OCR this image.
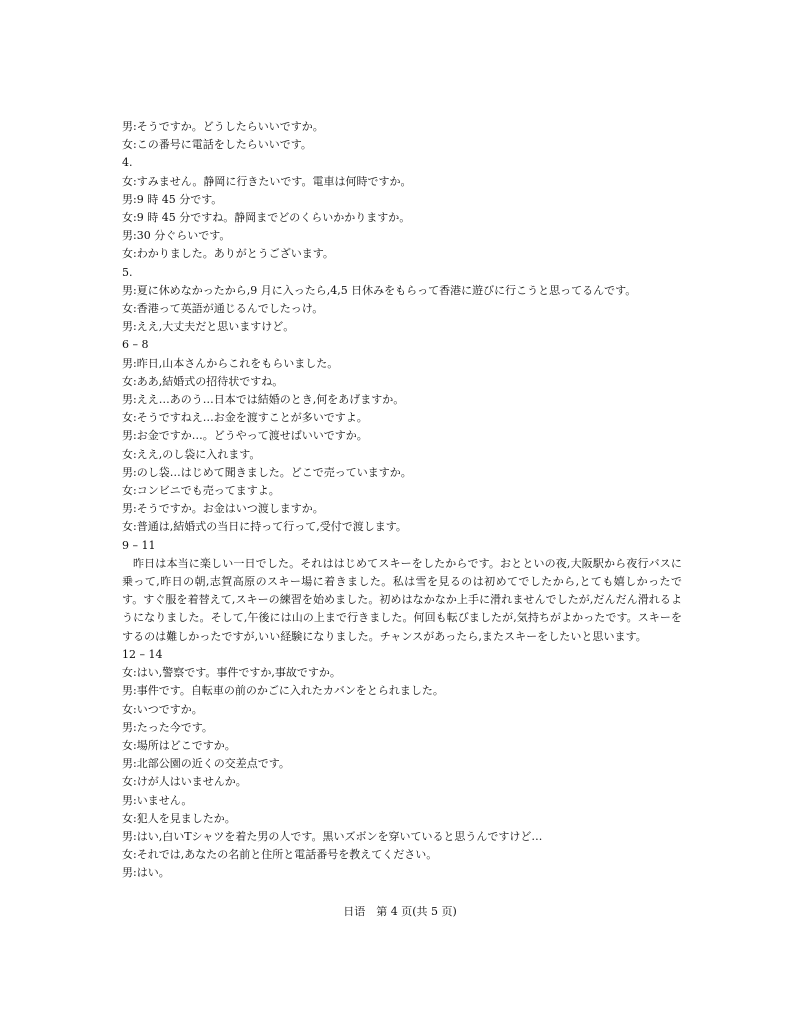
男:そうですか。どうしたらいいですか。
女:この番号に電話をしたらいいです。
4.
女:すみません。静岡に行きたいです。電車は何時ですか。
男:9 時 45 分です。
女:9 時 45 分ですね。静岡までどのくらいかかりますか。
男:30 分ぐらいです。
女:わかりました。ありがとうございます。
5.
男:夏に休めなかったから,9 月に入ったら,4,5 日休みをもらって香港に遊びに行こうと思ってるんです。
女:香港って英語が通じるんでしたっけ。
男:ええ,大丈夫だと思いますけど。
6 – 8
男:昨日,山本さんからこれをもらいました。
女:ああ,結婚式の招待状ですね。
男:ええ…あのう…日本では結婚のとき,何をあげますか。
女:そうですねえ…お金を渡すことが多いですよ。
男:お金ですか…。どうやって渡せばいいですか。
女:ええ,のし袋に入れます。
男:のし袋…はじめて聞きました。どこで売っていますか。
女:コンビニでも売ってますよ。
男:そうですか。お金はいつ渡しますか。
女:普通は,結婚式の当日に持って行って,受付で渡します。
9 – 11
昨日は本当に楽しい一日でした。それははじめてスキーをしたからです。おとといの夜,大阪駅から夜行バスに乗って,昨日の朝,志賀高原のスキー場に着きました。私は雪を見るのは初めてでしたから,とても嬉しかったです。すぐ服を着替えて,スキーの練習を始めました。初めはなかなか上手に滑れませんでしたが,だんだん滑れるようになりました。そして,午後には山の上まで行きました。何回も転びましたが,気持ちがよかったです。スキーをするのは難しかったですが,いい経験になりました。チャンスがあったら,またスキーをしたいと思います。
12 – 14
女:はい,警察です。事件ですか,事故ですか。
男:事件です。自転車の前のかごに入れたカバンをとられました。
女:いつですか。
男:たった今です。
女:場所はどこですか。
男:北部公園の近くの交差点です。
女:けが人はいませんか。
男:いません。
女:犯人を見ましたか。
男:はい,白いTシャツを着た男の人です。黒いズボンを穿いていると思うんですけど…
女:それでは,あなたの名前と住所と電話番号を教えてください。
男:はい。
日语　第 4 页(共 5 页)
